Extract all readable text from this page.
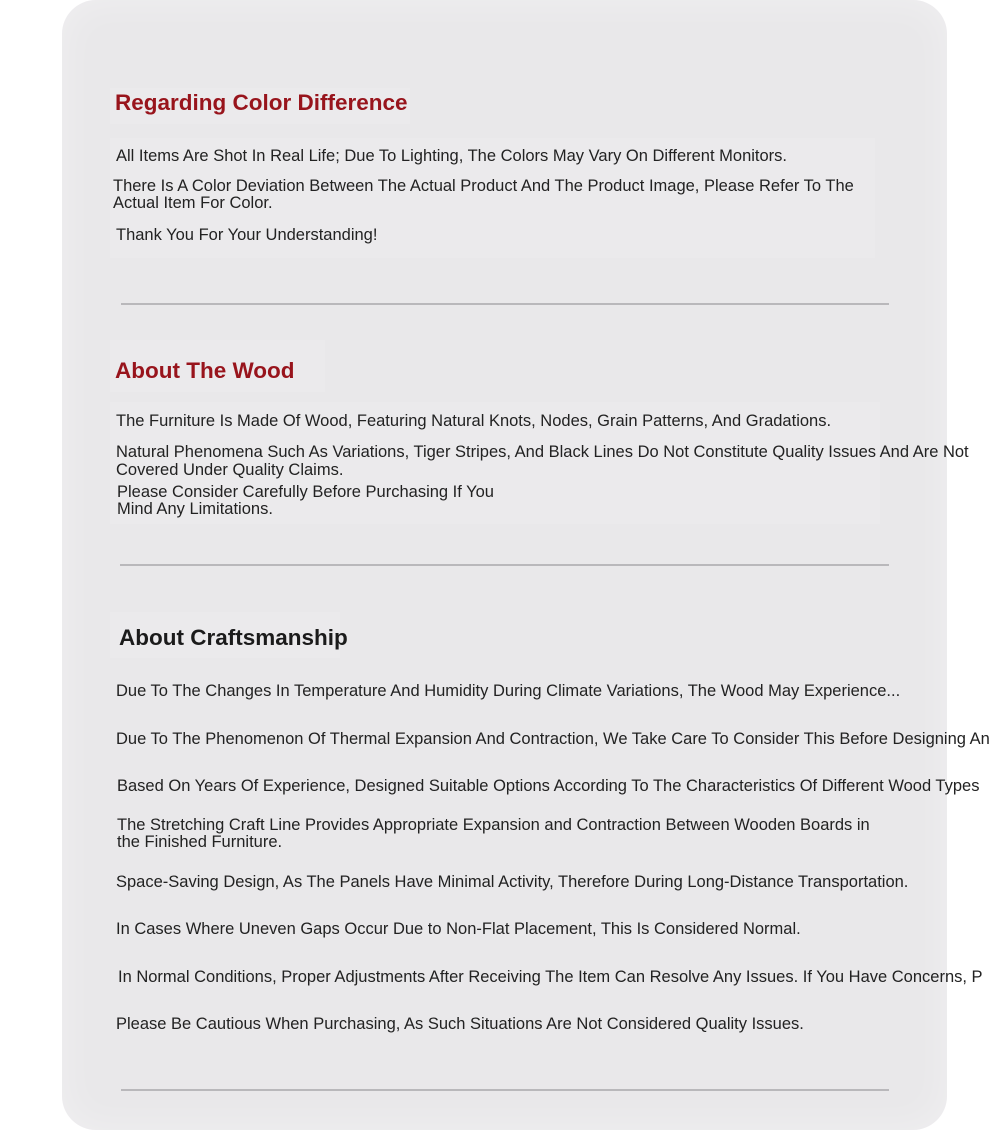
Regarding Color Difference

All Items Are Shot In Real Life; Due To Lighting, The Colors May Vary On Different Monitors.

There Is A Color Deviation Between The Actual Product And The Product Image, Please Refer To The

Actual Item For Color.

Thank You For Your Understanding!

About The Wood

The Furniture Is Made Of Wood, Featuring Natural Knots, Nodes, Grain Patterns, And Gradations.

Natural Phenomena Such As Variations, Tiger Stripes, And Black Lines Do Not Constitute Quality Issues And Are Not

Covered Under Quality Claims.

Please Consider Carefully Before Purchasing If You

Mind Any Limitations.

About Craftsmanship

Due To The Changes In Temperature And Humidity During Climate Variations, The Wood May Experience...

Due To The Phenomenon Of Thermal Expansion And Contraction, We Take Care To Consider This Before Designing An

Based On Years Of Experience, Designed Suitable Options According To The Characteristics Of Different Wood Types

The Stretching Craft Line Provides Appropriate Expansion and Contraction Between Wooden Boards in

the Finished Furniture.

Space-Saving Design, As The Panels Have Minimal Activity, Therefore During Long-Distance Transportation.

In Cases Where Uneven Gaps Occur Due to Non-Flat Placement, This Is Considered Normal.

In Normal Conditions, Proper Adjustments After Receiving The Item Can Resolve Any Issues. If You Have Concerns, P

Please Be Cautious When Purchasing, As Such Situations Are Not Considered Quality Issues.
